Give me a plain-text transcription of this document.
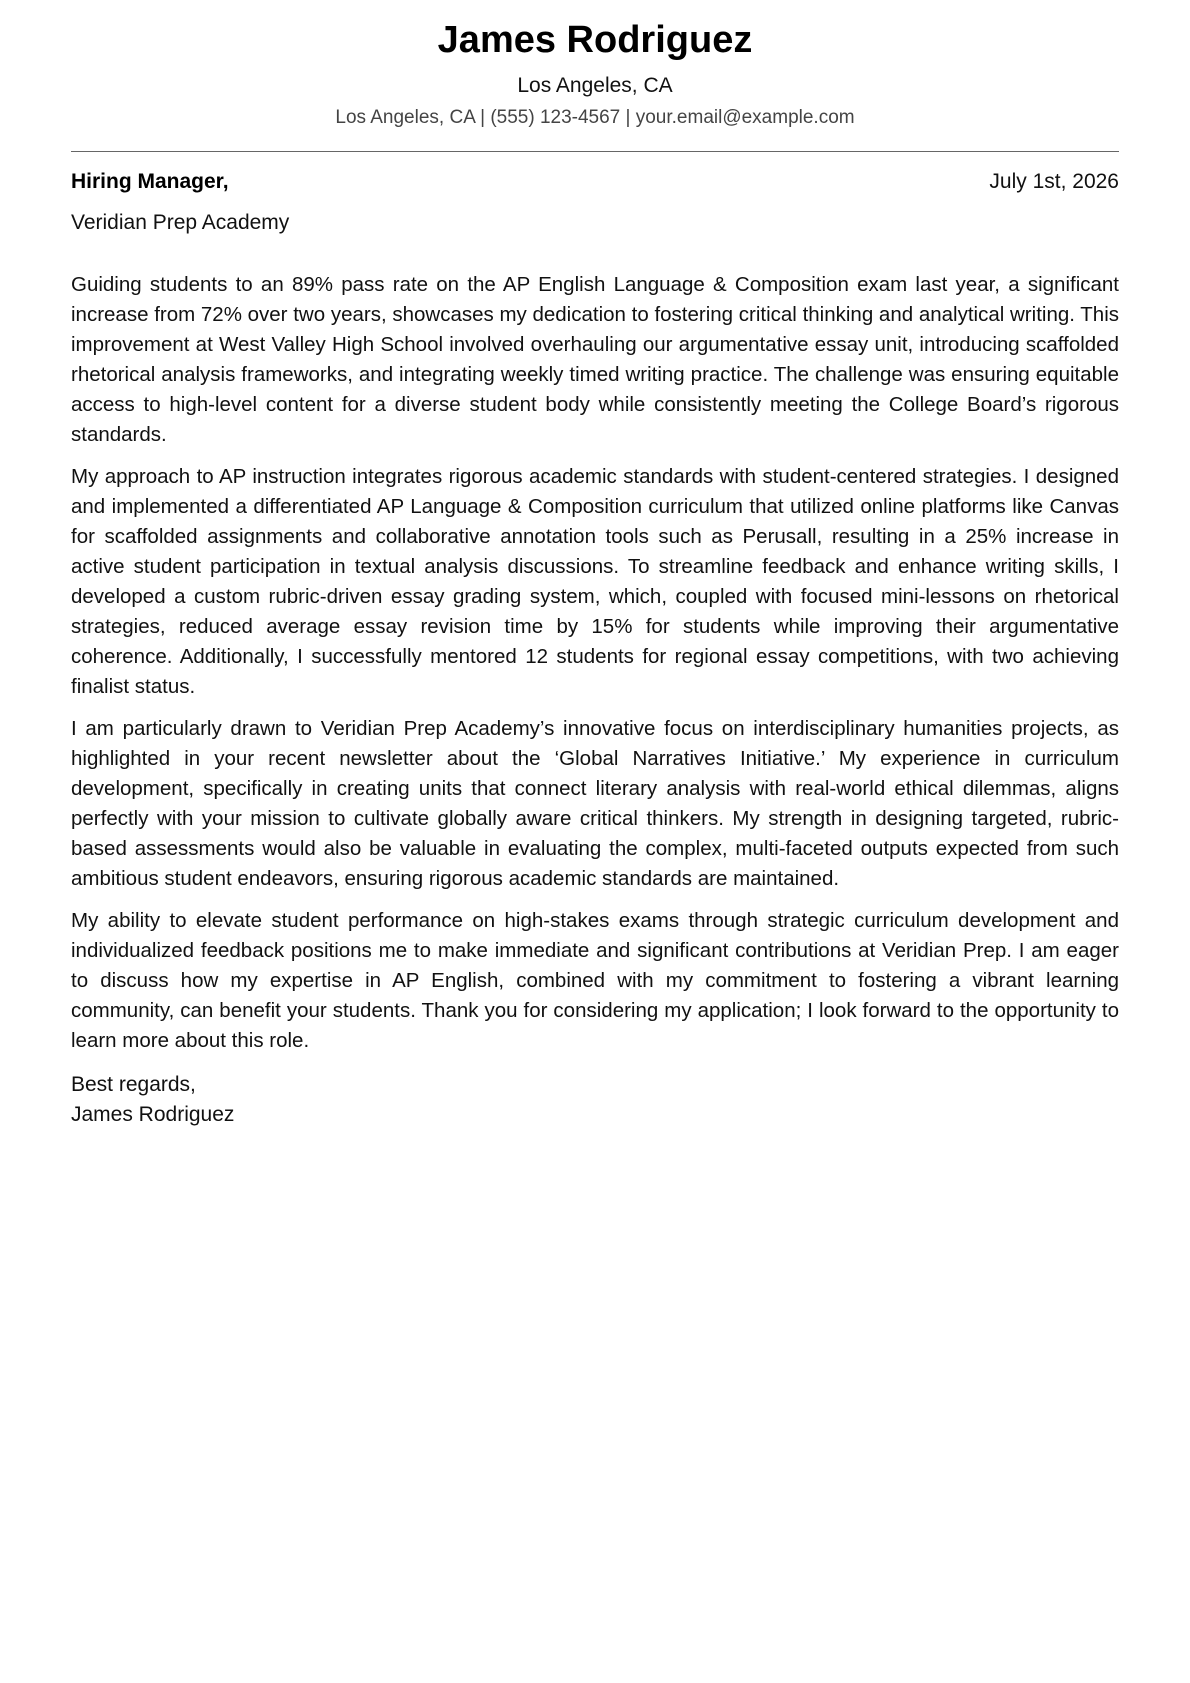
James Rodriguez
Los Angeles, CA
Los Angeles, CA | (555) 123-4567 | your.email@example.com
Hiring Manager,	July 1st, 2026
Veridian Prep Academy

Guiding students to an 89% pass rate on the AP English Language & Composition exam last year, a significant increase from 72% over two years, showcases my dedication to fostering critical thinking and analytical writing. This improvement at West Valley High School involved overhauling our argumentative essay unit, introducing scaffolded rhetorical analysis frameworks, and integrating weekly timed writing practice. The challenge was ensuring equitable access to high-level content for a diverse student body while consistently meeting the College Board’s rigorous standards.

My approach to AP instruction integrates rigorous academic standards with student-centered strategies. I designed and implemented a differentiated AP Language & Composition curriculum that utilized online platforms like Canvas for scaffolded assignments and collaborative annotation tools such as Perusall, resulting in a 25% increase in active student participation in textual analysis discussions. To streamline feedback and enhance writing skills, I developed a custom rubric-driven essay grading system, which, coupled with focused mini-lessons on rhetorical strategies, reduced average essay revision time by 15% for students while improving their argumentative coherence. Additionally, I successfully mentored 12 students for regional essay competitions, with two achieving finalist status.

I am particularly drawn to Veridian Prep Academy’s innovative focus on interdisciplinary humanities projects, as highlighted in your recent newsletter about the ‘Global Narratives Initiative.’ My experience in curriculum development, specifically in creating units that connect literary analysis with real-world ethical dilemmas, aligns perfectly with your mission to cultivate globally aware critical thinkers. My strength in designing targeted, rubric-based assessments would also be valuable in evaluating the complex, multi-faceted outputs expected from such ambitious student endeavors, ensuring rigorous academic standards are maintained.

My ability to elevate student performance on high-stakes exams through strategic curriculum development and individualized feedback positions me to make immediate and significant contributions at Veridian Prep. I am eager to discuss how my expertise in AP English, combined with my commitment to fostering a vibrant learning community, can benefit your students. Thank you for considering my application; I look forward to the opportunity to learn more about this role.

Best regards,
James Rodriguez
